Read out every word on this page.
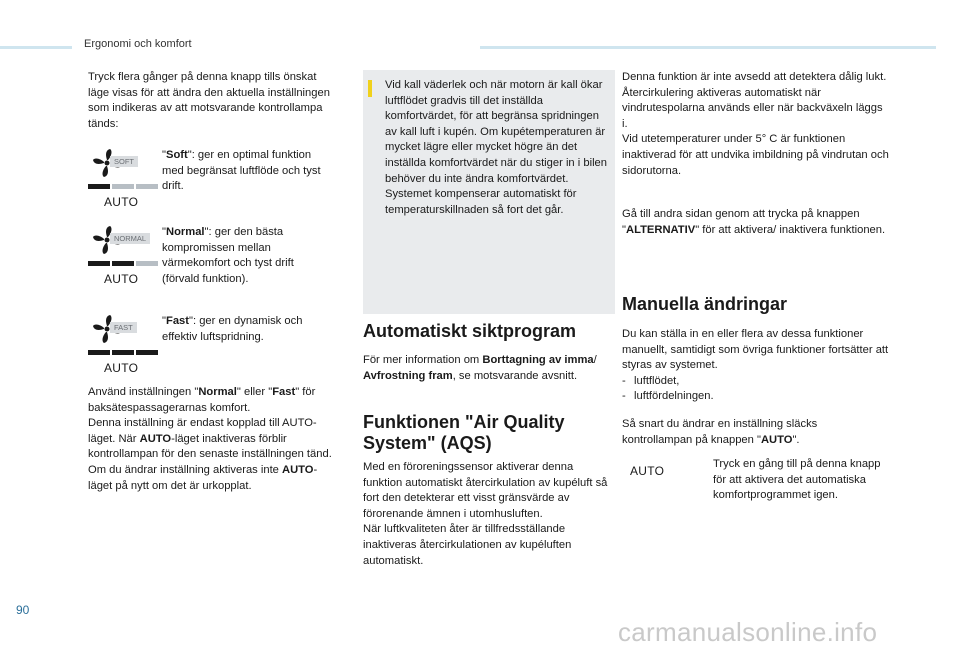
Ergonomi och komfort
Tryck flera gånger på denna knapp tills önskat läge visas för att ändra den aktuella inställningen som indikeras av att motsvarande kontrollampa tänds:
SOFT
AUTO
"Soft": ger en optimal funktion med begränsat luftflöde och tyst drift.
NORMAL
AUTO
"Normal": ger den bästa kompromissen mellan värmekomfort och tyst drift (förvald funktion).
FAST
AUTO
"Fast": ger en dynamisk och effektiv luftspridning.
Använd inställningen "Normal" eller "Fast" för baksätespassagerarnas komfort.
Denna inställning är endast kopplad till AUTO-läget. När AUTO-läget inaktiveras förblir kontrollampan för den senaste inställningen tänd.
Om du ändrar inställning aktiveras inte AUTO-läget på nytt om det är urkopplat.
Vid kall väderlek och när motorn är kall ökar luftflödet gradvis till det inställda komfortvärdet, för att begränsa spridningen av kall luft i kupén. Om kupétemperaturen är mycket lägre eller mycket högre än det inställda komfortvärdet när du stiger in i bilen behöver du inte ändra komfortvärdet. Systemet kompenserar automatiskt för temperaturskillnaden så fort det går.
Automatiskt siktprogram
För mer information om Borttagning av imma/ Avfrostning fram, se motsvarande avsnitt.
Funktionen "Air Quality
System" (AQS)
Med en föroreningssensor aktiverar denna funktion automatiskt återcirkulation av kupéluft så fort den detekterar ett visst gränsvärde av förorenande ämnen i utomhusluften.
När luftkvaliteten åter är tillfredsställande inaktiveras återcirkulationen av kupéluften automatiskt.
Denna funktion är inte avsedd att detektera dålig lukt.
Återcirkulering aktiveras automatiskt när vindrutespolarna används eller när backväxeln läggs i.
Vid utetemperaturer under 5° C är funktionen inaktiverad för att undvika imbildning på vindrutan och sidorutorna.
Gå till andra sidan genom att trycka på knappen "ALTERNATIV" för att aktivera/ inaktivera funktionen.
Manuella ändringar
Du kan ställa in en eller flera av dessa funktioner manuellt, samtidigt som övriga funktioner fortsätter att styras av systemet.
- luftflödet,
- luftfördelningen.
Så snart du ändrar en inställning släcks kontrollampan på knappen "AUTO".
AUTO	Tryck en gång till på denna knapp för att aktivera det automatiska komfortprogrammet igen.
90
carmanualsonline.info
